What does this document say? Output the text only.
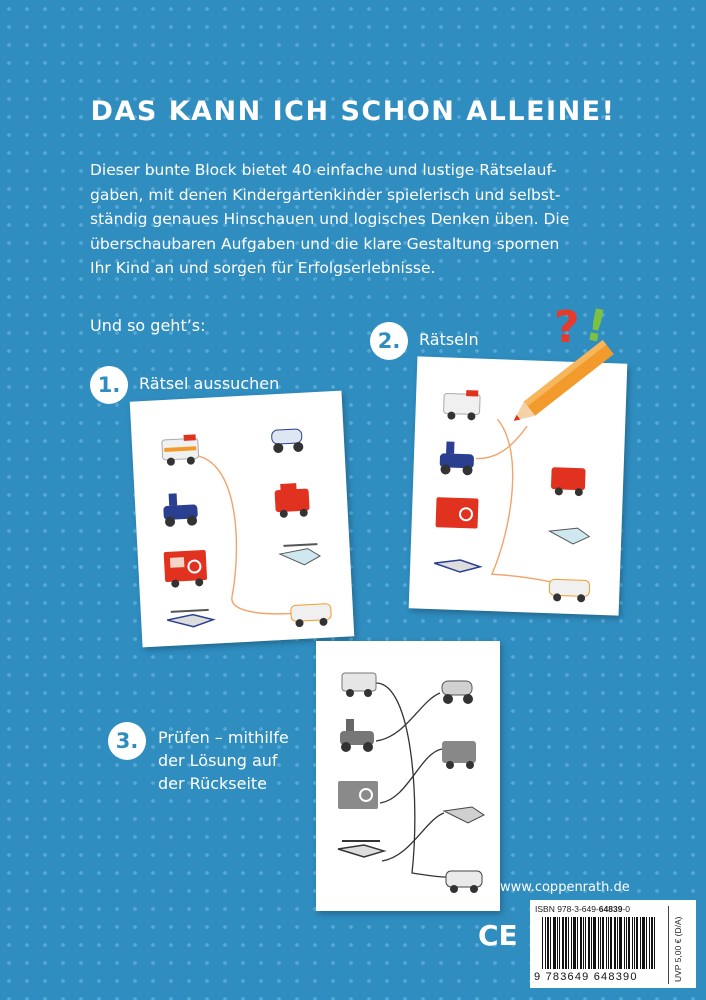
DAS KANN ICH SCHON ALLEINE!
Dieser bunte Block bietet 40 einfache und lustige Rätselauf-
gaben, mit denen Kindergartenkinder spielerisch und selbst-
ständig genaues Hinschauen und logisches Denken üben. Die
überschaubaren Aufgaben und die klare Gestaltung spornen
Ihr Kind an und sorgen für Erfolgserlebnisse.
Und so geht’s:
1.	Rätsel aussuchen
2.	Rätseln
3.	Prüfen – mithilfe
der Lösung auf
der Rückseite
? !
www.coppenrath.de
CE
ISBN 978-3-649-64839-0
9 783649 648390	UVP 5,00 € (D/A)
